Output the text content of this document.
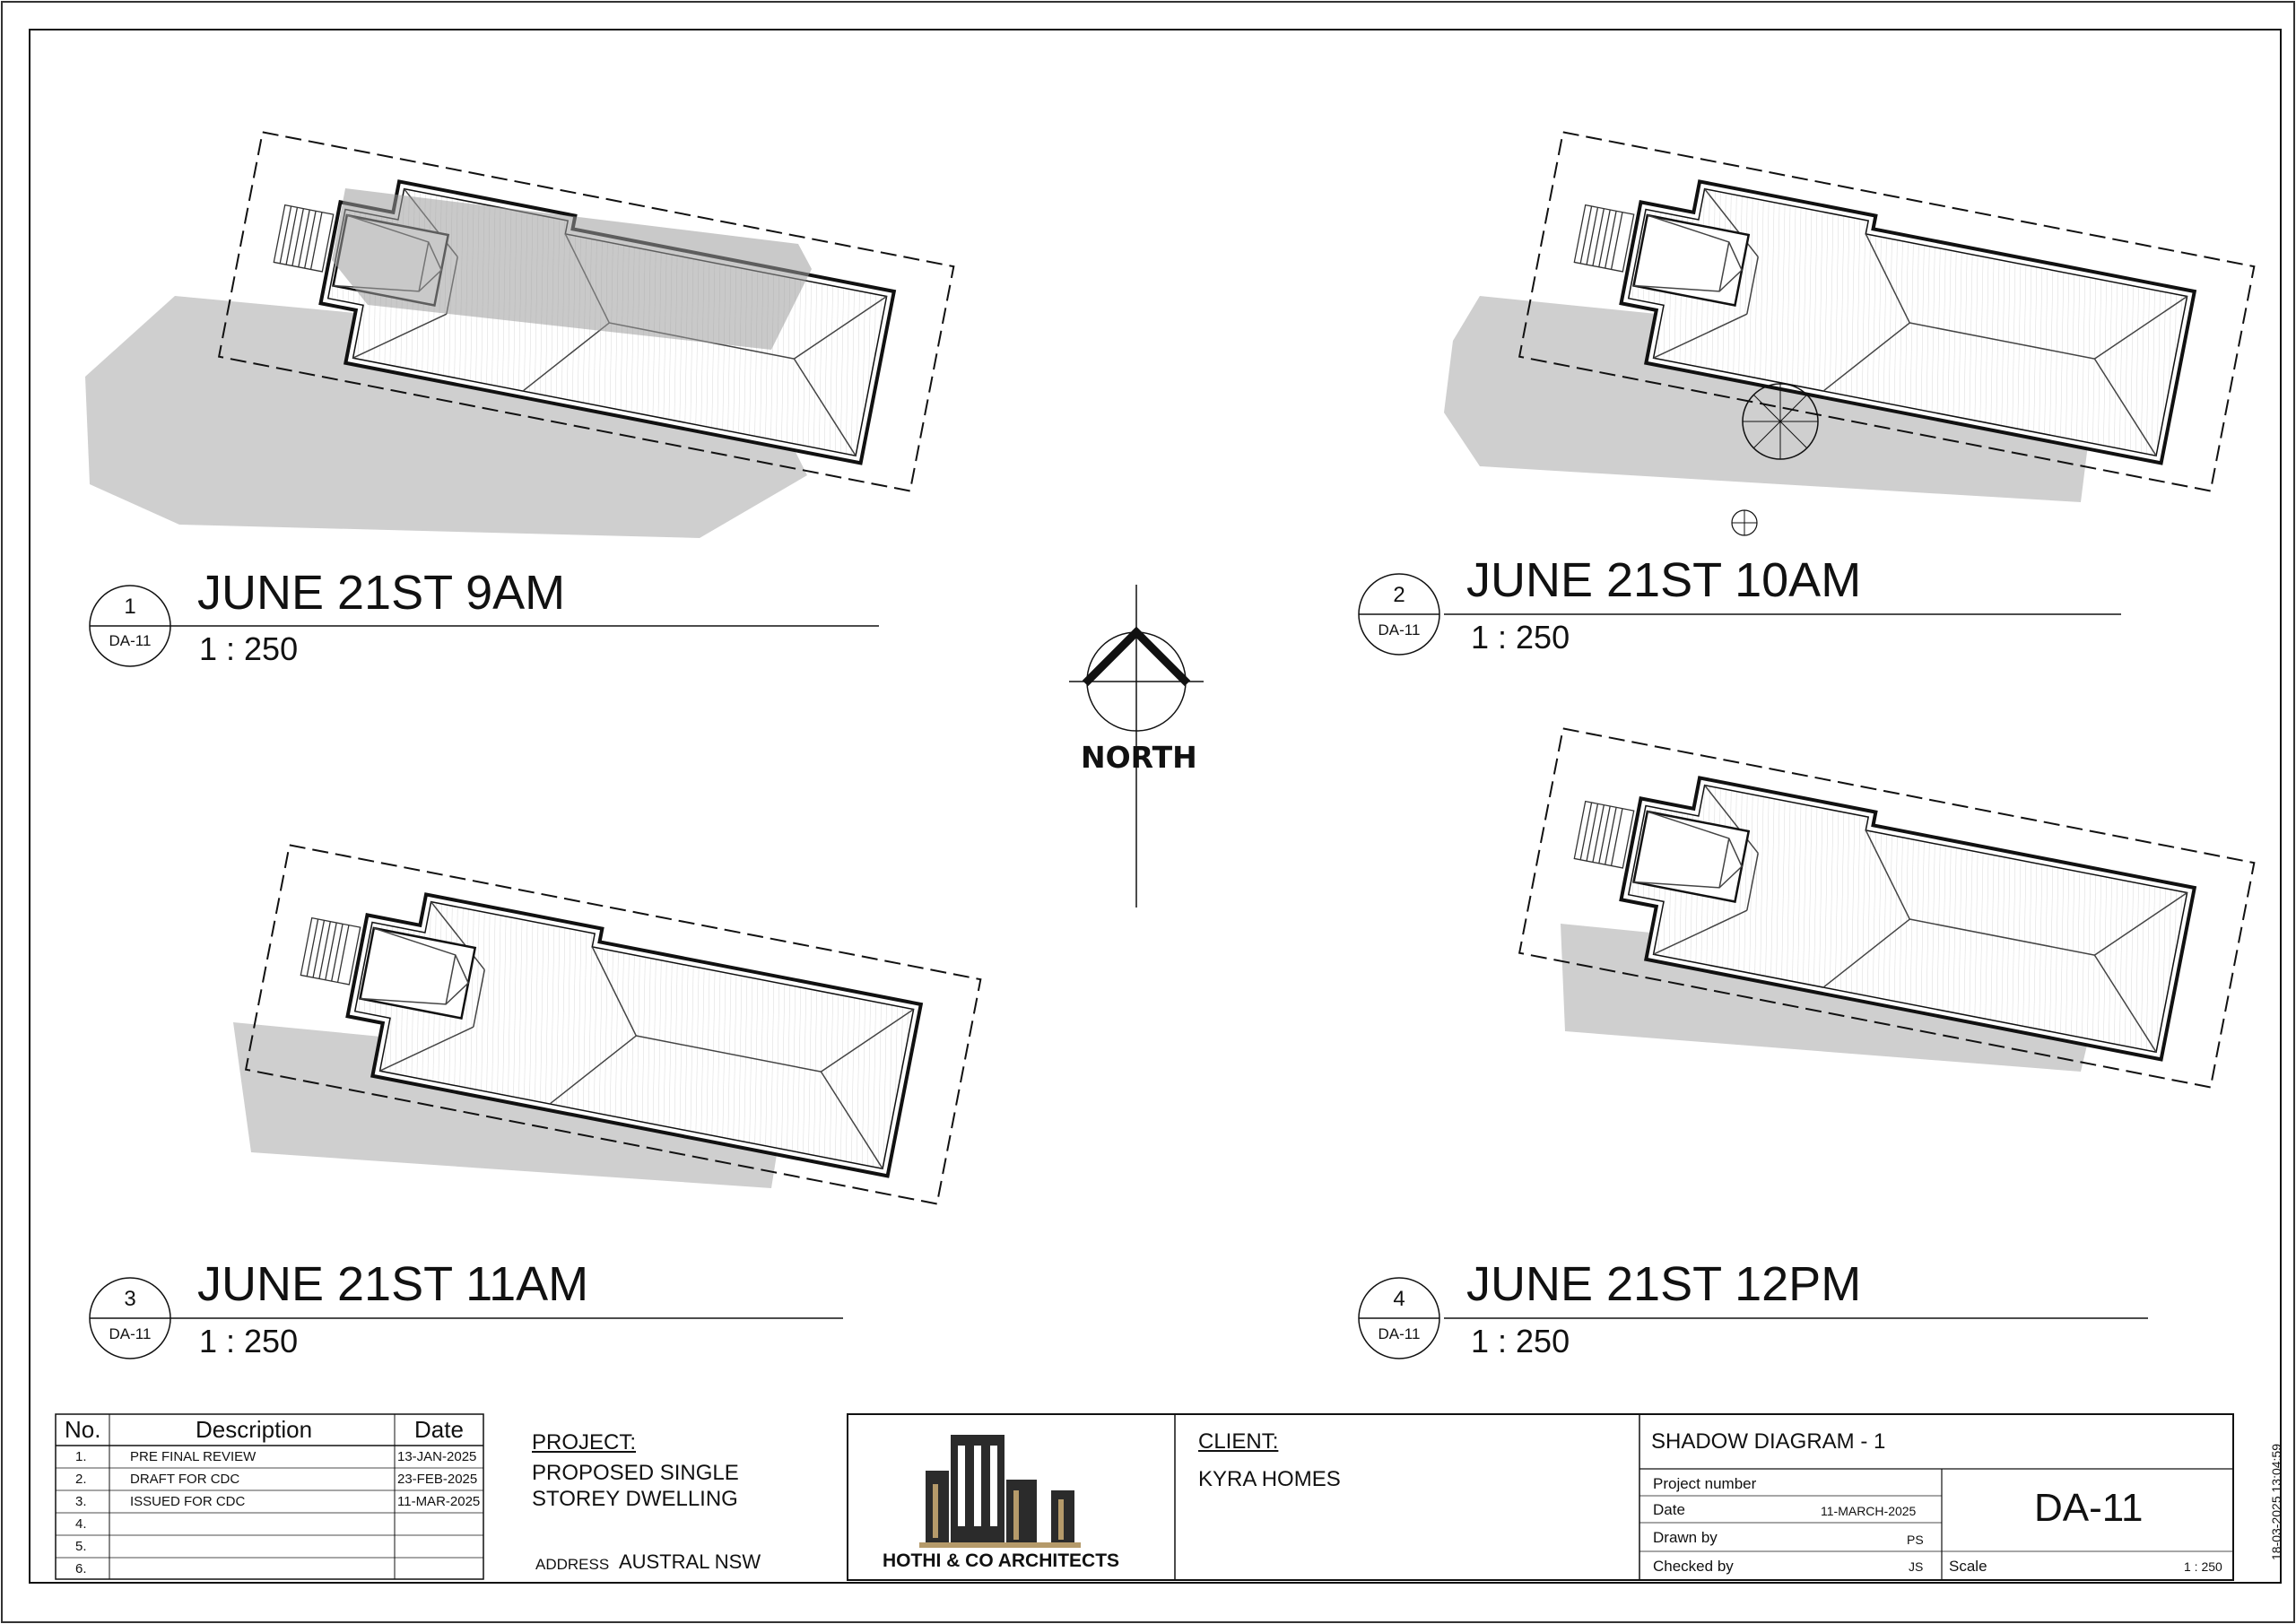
1
DA-11
JUNE 21ST 9AM
1 : 250
2
DA-11
JUNE 21ST 10AM
1 : 250
3
DA-11
JUNE 21ST 11AM
1 : 250
4
DA-11
JUNE 21ST 12PM
1 : 250
NORTH
No.	Description	Date
1.	PRE FINAL REVIEW	13-JAN-2025
2.	DRAFT FOR CDC	23-FEB-2025
3.	ISSUED FOR CDC	11-MAR-2025
4.
5.
6.
PROJECT:
PROPOSED SINGLE
STOREY DWELLING
ADDRESS AUSTRAL NSW	HOTHI & CO ARCHITECTS
CLIENT:
KYRA HOMES
SHADOW DIAGRAM - 1
Project number
Date	11-MARCH-2025
Drawn by	PS
Checked by	JS
DA-11
Scale	1 : 250
18-03-2025 13:04:59
